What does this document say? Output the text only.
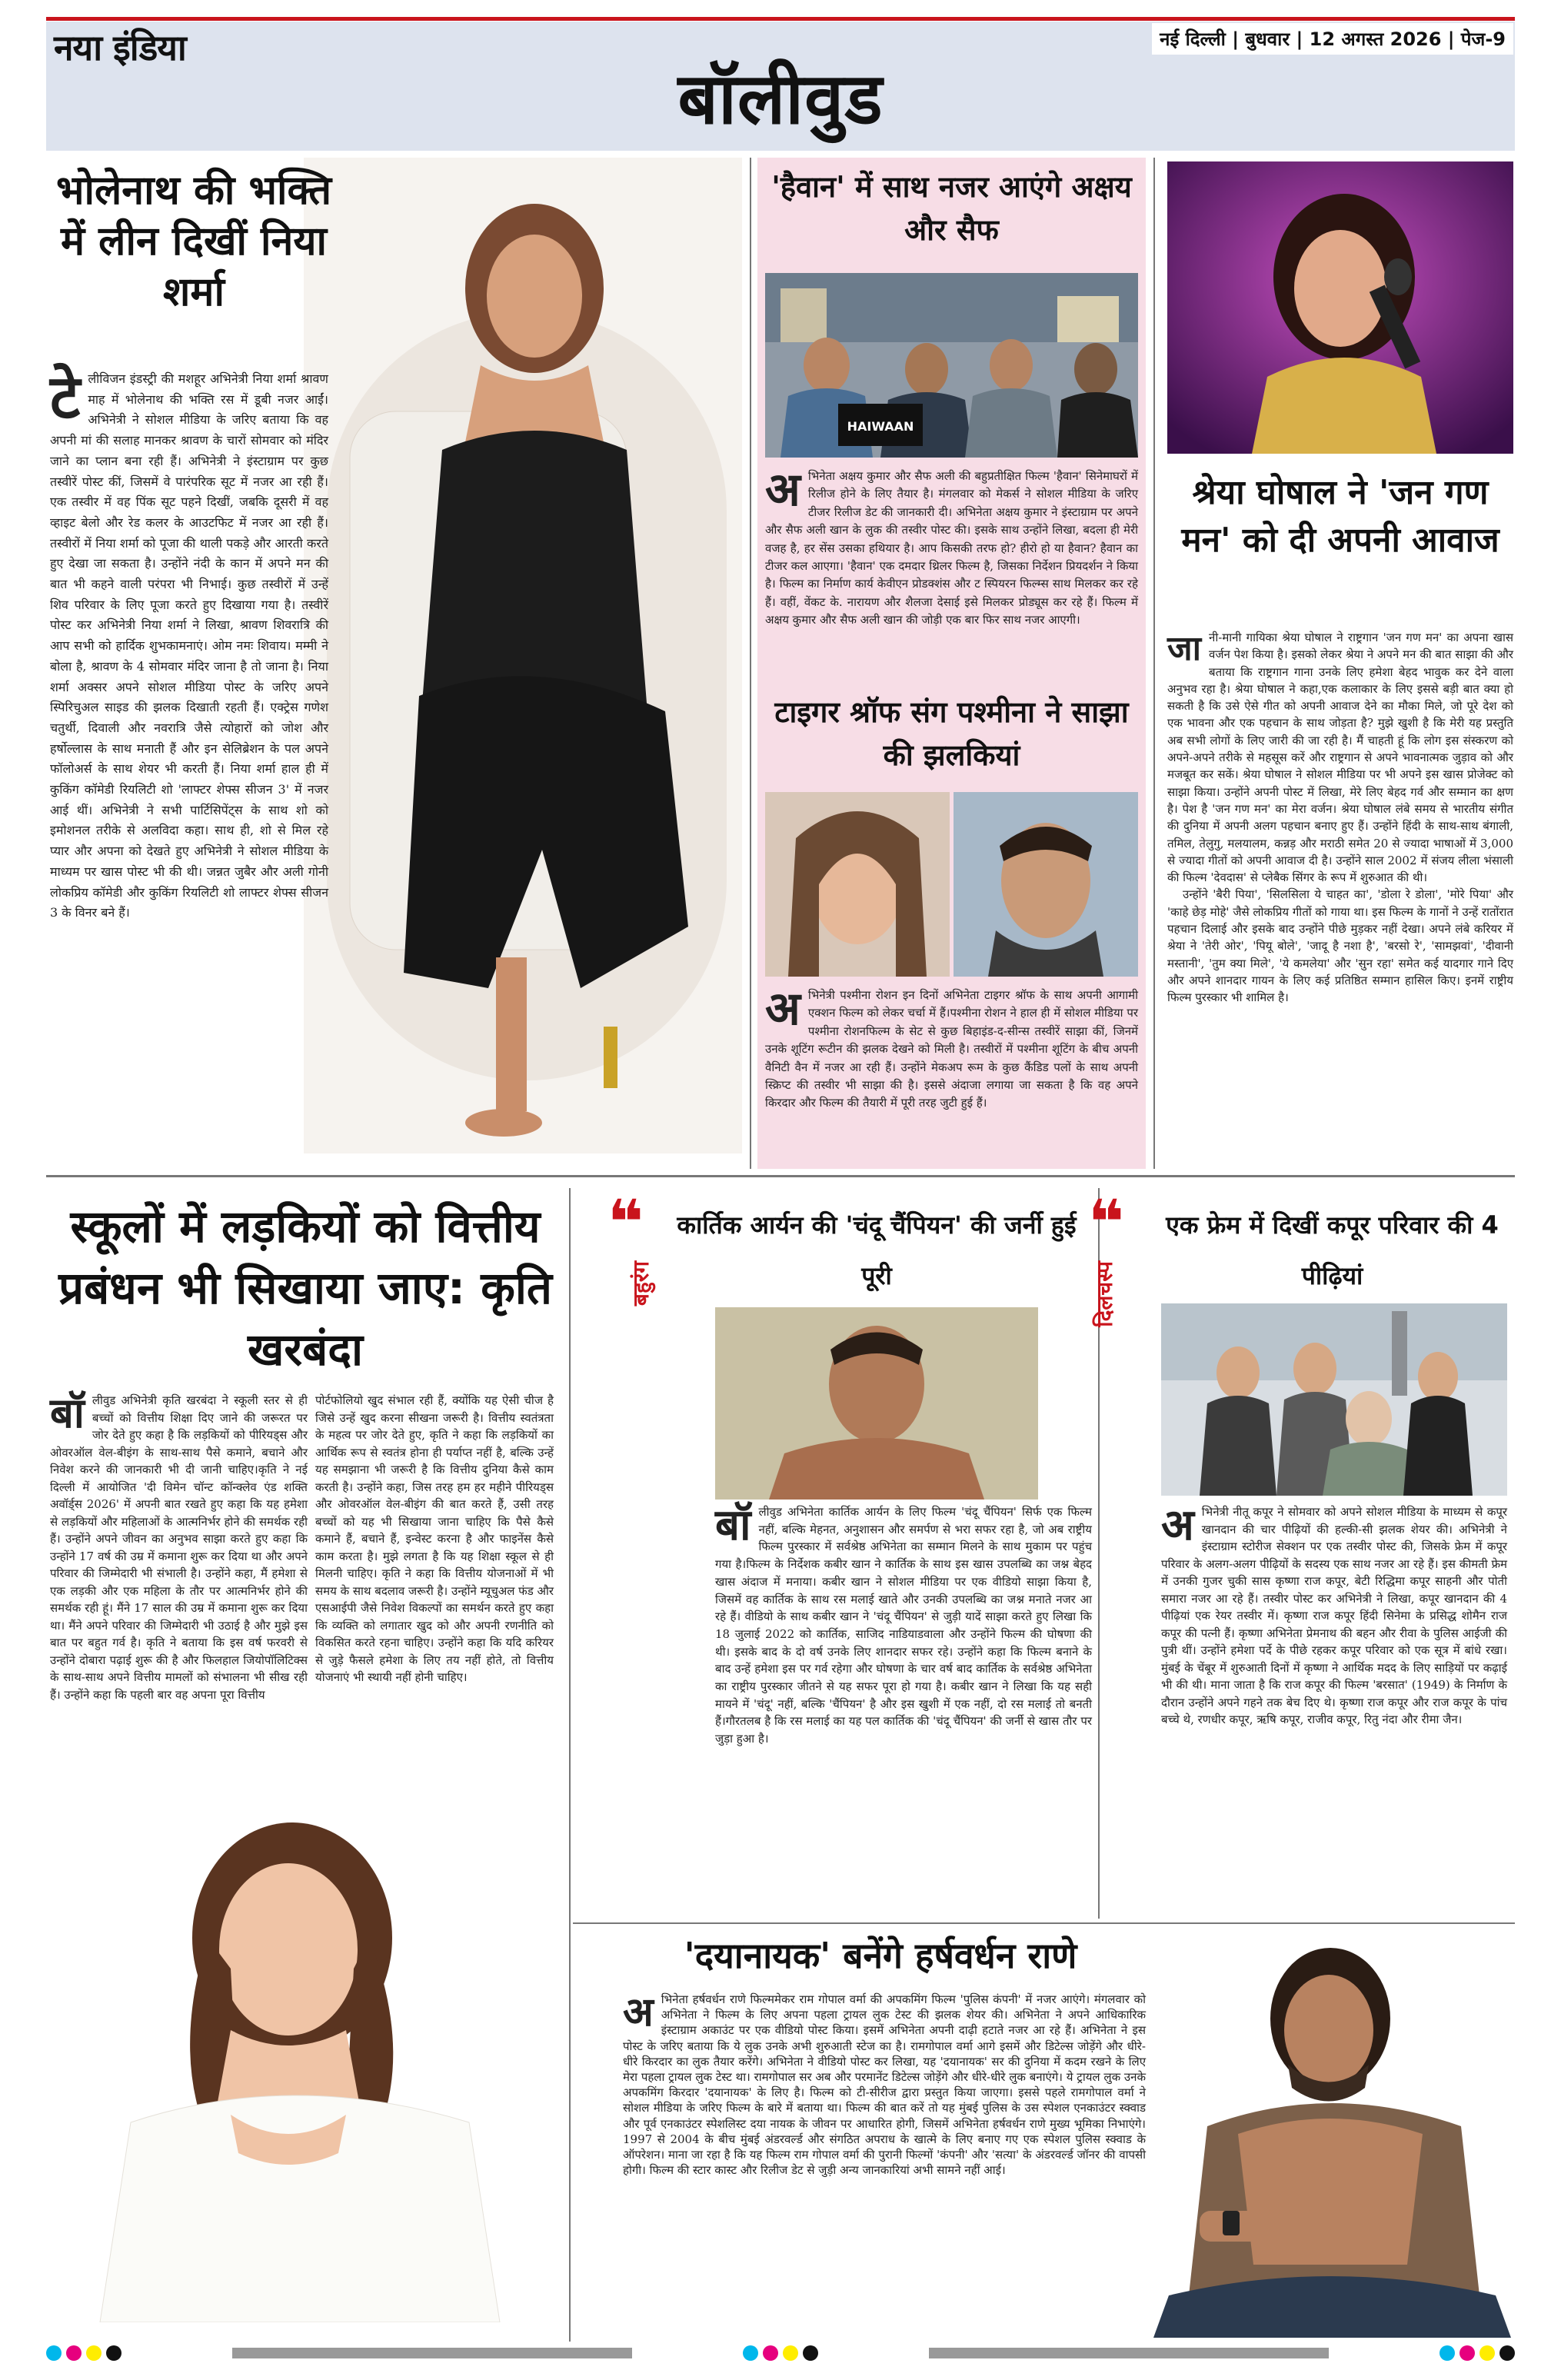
नया इंडिया	नई दिल्ली | बुधवार | 12 अगस्त 2026 | पेज-9
बॉलीवुड
भोलेनाथ की भक्ति में लीन दिखीं निया शर्मा

टेलीविजन इंडस्ट्री की मशहूर अभिनेत्री निया शर्मा श्रावण माह में भोलेनाथ की भक्ति रस में डूबी नजर आईं। अभिनेत्री ने सोशल मीडिया के जरिए बताया कि वह अपनी मां की सलाह मानकर श्रावण के चारों सोमवार को मंदिर जाने का प्लान बना रही हैं। अभिनेत्री ने इंस्टाग्राम पर कुछ तस्वीरें पोस्ट कीं, जिसमें वे पारंपरिक सूट में नजर आ रही हैं। एक तस्वीर में वह पिंक सूट पहने दिखीं, जबकि दूसरी में वह व्हाइट बेलो और रेड कलर के आउटफिट में नजर आ रही हैं। तस्वीरों में निया शर्मा को पूजा की थाली पकड़े और आरती करते हुए देखा जा सकता है। उन्होंने नंदी के कान में अपने मन की बात भी कहने वाली परंपरा भी निभाई। कुछ तस्वीरों में उन्हें शिव परिवार के लिए पूजा करते हुए दिखाया गया है। तस्वीरें पोस्ट कर अभिनेत्री निया शर्मा ने लिखा, श्रावण शिवरात्रि की आप सभी को हार्दिक शुभकामनाएं। ओम नमः शिवाय। मम्मी ने बोला है, श्रावण के 4 सोमवार मंदिर जाना है तो जाना है। निया शर्मा अक्सर अपने सोशल मीडिया पोस्ट के जरिए अपने स्पिरिचुअल साइड की झलक दिखाती रहती हैं। एक्ट्रेस गणेश चतुर्थी, दिवाली और नवरात्रि जैसे त्योहारों को जोश और हर्षोल्लास के साथ मनाती हैं और इन सेलिब्रेशन के पल अपने फॉलोअर्स के साथ शेयर भी करती हैं। निया शर्मा हाल ही में कुकिंग कॉमेडी रियलिटी शो 'लाफ्टर शेफ्स सीजन 3' में नजर आई थीं। अभिनेत्री ने सभी पार्टिसिपेंट्स के साथ शो को इमोशनल तरीके से अलविदा कहा। साथ ही, शो से मिल रहे प्यार और अपना को देखते हुए अभिनेत्री ने सोशल मीडिया के माध्यम पर खास पोस्ट भी की थी। जन्नत जुबैर और अली गोनी लोकप्रिय कॉमेडी और कुकिंग रियलिटी शो लाफ्टर शेफ्स सीजन 3 के विनर बने हैं।

'हैवान' में साथ नजर आएंगे अक्षय और सैफ
HAIWAAN

अभिनेता अक्षय कुमार और सैफ अली की बहुप्रतीक्षित फिल्म 'हैवान' सिनेमाघरों में रिलीज होने के लिए तैयार है। मंगलवार को मेकर्स ने सोशल मीडिया के जरिए टीजर रिलीज डेट की जानकारी दी। अभिनेता अक्षय कुमार ने इंस्टाग्राम पर अपने और सैफ अली खान के लुक की तस्वीर पोस्ट की। इसके साथ उन्होंने लिखा, बदला ही मेरी वजह है, हर सेंस उसका हथियार है। आप किसकी तरफ हो? हीरो हो या हैवान? हैवान का टीजर कल आएगा। 'हैवान' एक दमदार थ्रिलर फिल्म है, जिसका निर्देशन प्रियदर्शन ने किया है। फिल्म का निर्माण कार्य केवीएन प्रोडक्शंस और ट स्पियरन फिल्म्स साथ मिलकर कर रहे हैं। वहीं, वेंकट के. नारायण और शैलजा देसाई इसे मिलकर प्रोड्यूस कर रहे हैं। फिल्म में अक्षय कुमार और सैफ अली खान की जोड़ी एक बार फिर साथ नजर आएगी।

टाइगर श्रॉफ संग पश्मीना ने साझा की झलकियां

अभिनेत्री पश्मीना रोशन इन दिनों अभिनेता टाइगर श्रॉफ के साथ अपनी आगामी एक्शन फिल्म को लेकर चर्चा में हैं।पश्मीना रोशन ने हाल ही में सोशल मीडिया पर पश्मीना रोशनफिल्म के सेट से कुछ बिहाइंड-द-सीन्स तस्वीरें साझा कीं, जिनमें उनके शूटिंग रूटीन की झलक देखने को मिली है। तस्वीरों में पश्मीना शूटिंग के बीच अपनी वैनिटी वैन में नजर आ रही हैं। उन्होंने मेकअप रूम के कुछ कैंडिड पलों के साथ अपनी स्क्रिप्ट की तस्वीर भी साझा की है। इससे अंदाजा लगाया जा सकता है कि वह अपने किरदार और फिल्म की तैयारी में पूरी तरह जुटी हुई हैं।

श्रेया घोषाल ने 'जन गण मन' को दी अपनी आवाज

जानी-मानी गायिका श्रेया घोषाल ने राष्ट्रगान 'जन गण मन' का अपना खास वर्जन पेश किया है। इसको लेकर श्रेया ने अपने मन की बात साझा की और बताया कि राष्ट्रगान गाना उनके लिए हमेशा बेहद भावुक कर देने वाला अनुभव रहा है। श्रेया घोषाल ने कहा,एक कलाकार के लिए इससे बड़ी बात क्या हो सकती है कि उसे ऐसे गीत को अपनी आवाज देने का मौका मिले, जो पूरे देश को एक भावना और एक पहचान के साथ जोड़ता है? मुझे खुशी है कि मेरी यह प्रस्तुति अब सभी लोगों के लिए जारी की जा रही है। मैं चाहती हूं कि लोग इस संस्करण को अपने-अपने तरीके से महसूस करें और राष्ट्रगान से अपने भावनात्मक जुड़ाव को और मजबूत कर सकें। श्रेया घोषाल ने सोशल मीडिया पर भी अपने इस खास प्रोजेक्ट को साझा किया। उन्होंने अपनी पोस्ट में लिखा, मेरे लिए बेहद गर्व और सम्मान का क्षण है। पेश है 'जन गण मन' का मेरा वर्जन। श्रेया घोषाल लंबे समय से भारतीय संगीत की दुनिया में अपनी अलग पहचान बनाए हुए हैं। उन्होंने हिंदी के साथ-साथ बंगाली, तमिल, तेलुगु, मलयालम, कन्नड़ और मराठी समेत 20 से ज्यादा भाषाओं में 3,000 से ज्यादा गीतों को अपनी आवाज दी है। उन्होंने साल 2002 में संजय लीला भंसाली की फिल्म 'देवदास' से प्लेबैक सिंगर के रूप में शुरुआत की थी।

उन्होंने 'बैरी पिया', 'सिलसिला ये चाहत का', 'डोला रे डोला', 'मोरे पिया' और 'काहे छेड़ मोहे' जैसे लोकप्रिय गीतों को गाया था। इस फिल्म के गानों ने उन्हें रातोंरात पहचान दिलाई और इसके बाद उन्होंने पीछे मुड़कर नहीं देखा। अपने लंबे करियर में श्रेया ने 'तेरी ओर', 'पियू बोले', 'जादू है नशा है', 'बरसो रे', 'सामझवां', 'दीवानी मस्तानी', 'तुम क्या मिले', 'ये कमलेया' और 'सुन रहा' समेत कई यादगार गाने दिए और अपने शानदार गायन के लिए कई प्रतिष्ठित सम्मान हासिल किए। इनमें राष्ट्रीय फिल्म पुरस्कार भी शामिल है।

स्कूलों में लड़कियों को वित्तीय प्रबंधन भी सिखाया जाए: कृति खरबंदा

बॉलीवुड अभिनेत्री कृति खरबंदा ने स्कूली स्तर से ही बच्चों को वित्तीय शिक्षा दिए जाने की जरूरत पर जोर देते हुए कहा है कि लड़कियों को पीरियड्स और ओवरऑल वेल-बीइंग के साथ-साथ पैसे कमाने, बचाने और निवेश करने की जानकारी भी दी जानी चाहिए।कृति ने नई दिल्ली में आयोजित 'दी विमेन चॉन्ट कॉन्क्लेव एंड शक्ति अवॉर्ड्स 2026' में अपनी बात रखते हुए कहा कि यह हमेशा से लड़कियों और महिलाओं के आत्मनिर्भर होने की समर्थक रही हैं। उन्होंने अपने जीवन का अनुभव साझा करते हुए कहा कि उन्होंने 17 वर्ष की उम्र में कमाना शुरू कर दिया था और अपने परिवार की जिम्मेदारी भी संभाली है। उन्होंने कहा, मैं हमेशा से एक लड़की और एक महिला के तौर पर आत्मनिर्भर होने की समर्थक रही हूं। मैंने 17 साल की उम्र में कमाना शुरू कर दिया था। मैंने अपने परिवार की जिम्मेदारी भी उठाई है और मुझे इस बात पर बहुत गर्व है। कृति ने बताया कि इस वर्ष फरवरी से उन्होंने दोबारा पढ़ाई शुरू की है और फिलहाल जियोपॉलिटिक्स के साथ-साथ अपने वित्तीय मामलों को संभालना भी सीख रही हैं। उन्होंने कहा कि पहली बार वह अपना पूरा वित्तीय

पोर्टफोलियो खुद संभाल रही हैं, क्योंकि यह ऐसी चीज है जिसे उन्हें खुद करना सीखना जरूरी है। वित्तीय स्वतंत्रता के महत्व पर जोर देते हुए, कृति ने कहा कि लड़कियों का आर्थिक रूप से स्वतंत्र होना ही पर्याप्त नहीं है, बल्कि उन्हें यह समझाना भी जरूरी है कि वित्तीय दुनिया कैसे काम करती है। उन्होंने कहा, जिस तरह हम हर महीने पीरियड्स और ओवरऑल वेल-बीइंग की बात करते हैं, उसी तरह बच्चों को यह भी सिखाया जाना चाहिए कि पैसे कैसे कमाने हैं, बचाने हैं, इन्वेस्ट करना है और फाइनेंस कैसे काम करता है। मुझे लगता है कि यह शिक्षा स्कूल से ही मिलनी चाहिए। कृति ने कहा कि वित्तीय योजनाओं में भी समय के साथ बदलाव जरूरी है। उन्होंने म्यूचुअल फंड और एसआईपी जैसे निवेश विकल्पों का समर्थन करते हुए कहा कि व्यक्ति को लगातार खुद को और अपनी रणनीति को विकसित करते रहना चाहिए। उन्होंने कहा कि यदि करियर से जुड़े फैसले हमेशा के लिए तय नहीं होते, तो वित्तीय योजनाएं भी स्थायी नहीं होनी चाहिए।

❝
बहुरंग
कार्तिक आर्यन की 'चंदू चैंपियन' की जर्नी हुई पूरी

बॉलीवुड अभिनेता कार्तिक आर्यन के लिए फिल्म 'चंदू चैंपियन' सिर्फ एक फिल्म नहीं, बल्कि मेहनत, अनुशासन और समर्पण से भरा सफर रहा है, जो अब राष्ट्रीय फिल्म पुरस्कार में सर्वश्रेष्ठ अभिनेता का सम्मान मिलने के साथ मुकाम पर पहुंच गया है।फिल्म के निर्देशक कबीर खान ने कार्तिक के साथ इस खास उपलब्धि का जश्न बेहद खास अंदाज में मनाया। कबीर खान ने सोशल मीडिया पर एक वीडियो साझा किया है, जिसमें वह कार्तिक के साथ रस मलाई खाते और उनकी उपलब्धि का जश्न मनाते नजर आ रहे हैं। वीडियो के साथ कबीर खान ने 'चंदू चैंपियन' से जुड़ी यादें साझा करते हुए लिखा कि 18 जुलाई 2022 को कार्तिक, साजिद नाडियाडवाला और उन्होंने फिल्म की घोषणा की थी। इसके बाद के दो वर्ष उनके लिए शानदार सफर रहे। उन्होंने कहा कि फिल्म बनाने के बाद उन्हें हमेशा इस पर गर्व रहेगा और घोषणा के चार वर्ष बाद कार्तिक के सर्वश्रेष्ठ अभिनेता का राष्ट्रीय पुरस्कार जीतने से यह सफर पूरा हो गया है। कबीर खान ने लिखा कि यह सही मायने में 'चंदू' नहीं, बल्कि 'चैंपियन' है और इस खुशी में एक नहीं, दो रस मलाई तो बनती हैं।गौरतलब है कि रस मलाई का यह पल कार्तिक की 'चंदू चैंपियन' की जर्नी से खास तौर पर जुड़ा हुआ है।

❝
दिलचस्प
एक फ्रेम में दिखीं कपूर परिवार की 4 पीढ़ियां

अभिनेत्री नीतू कपूर ने सोमवार को अपने सोशल मीडिया के माध्यम से कपूर खानदान की चार पीढ़ियों की हल्की-सी झलक शेयर की। अभिनेत्री ने इंस्टाग्राम स्टोरीज सेक्शन पर एक तस्वीर पोस्ट की, जिसके फ्रेम में कपूर परिवार के अलग-अलग पीढ़ियों के सदस्य एक साथ नजर आ रहे हैं। इस कीमती फ्रेम में उनकी गुजर चुकी सास कृष्णा राज कपूर, बेटी रिद्धिमा कपूर साहनी और पोती समारा नजर आ रहे हैं। तस्वीर पोस्ट कर अभिनेत्री ने लिखा, कपूर खानदान की 4 पीढ़ियां एक रेयर तस्वीर में। कृष्णा राज कपूर हिंदी सिनेमा के प्रसिद्ध शोमैन राज कपूर की पत्नी हैं। कृष्णा अभिनेता प्रेमनाथ की बहन और रीवा के पुलिस आईजी की पुत्री थीं। उन्होंने हमेशा पर्दे के पीछे रहकर कपूर परिवार को एक सूत्र में बांधे रखा। मुंबई के चेंबूर में शुरुआती दिनों में कृष्णा ने आर्थिक मदद के लिए साड़ियों पर कढ़ाई भी की थी। माना जाता है कि राज कपूर की फिल्म 'बरसात' (1949) के निर्माण के दौरान उन्होंने अपने गहने तक बेच दिए थे। कृष्णा राज कपूर और राज कपूर के पांच बच्चे थे, रणधीर कपूर, ऋषि कपूर, राजीव कपूर, रितु नंदा और रीमा जैन।

'दयानायक' बनेंगे हर्षवर्धन राणे

अभिनेता हर्षवर्धन राणे फिल्ममेकर राम गोपाल वर्मा की अपकमिंग फिल्म 'पुलिस कंपनी' में नजर आएंगे। मंगलवार को अभिनेता ने फिल्म के लिए अपना पहला ट्रायल लुक टेस्ट की झलक शेयर की। अभिनेता ने अपने आधिकारिक इंस्टाग्राम अकाउंट पर एक वीडियो पोस्ट किया। इसमें अभिनेता अपनी दाढ़ी हटाते नजर आ रहे हैं। अभिनेता ने इस पोस्ट के जरिए बताया कि ये लुक उनके अभी शुरुआती स्टेज का है। रामगोपाल वर्मा आगे इसमें और डिटेल्स जोड़ेंगे और धीरे-धीरे किरदार का लुक तैयार करेंगे। अभिनेता ने वीडियो पोस्ट कर लिखा, यह 'दयानायक' सर की दुनिया में कदम रखने के लिए मेरा पहला ट्रायल लुक टेस्ट था। रामगोपाल सर अब और परमानेंट डिटेल्स जोड़ेंगे और धीरे-धीरे लुक बनाएंगे। ये ट्रायल लुक उनके अपकमिंग किरदार 'दयानायक' के लिए है। फिल्म को टी-सीरीज द्वारा प्रस्तुत किया जाएगा। इससे पहले रामगोपाल वर्मा ने सोशल मीडिया के जरिए फिल्म के बारे में बताया था। फिल्म की बात करें तो यह मुंबई पुलिस के उस स्पेशल एनकाउंटर स्क्वाड और पूर्व एनकाउंटर स्पेशलिस्ट दया नायक के जीवन पर आधारित होगी, जिसमें अभिनेता हर्षवर्धन राणे मुख्य भूमिका निभाएंगे। 1997 से 2004 के बीच मुंबई अंडरवर्ल्ड और संगठित अपराध के खात्मे के लिए बनाए गए एक स्पेशल पुलिस स्क्वाड के ऑपरेशन। माना जा रहा है कि यह फिल्म राम गोपाल वर्मा की पुरानी फिल्मों 'कंपनी' और 'सत्या' के अंडरवर्ल्ड जॉनर की वापसी होगी। फिल्म की स्टार कास्ट और रिलीज डेट से जुड़ी अन्य जानकारियां अभी सामने नहीं आई।
